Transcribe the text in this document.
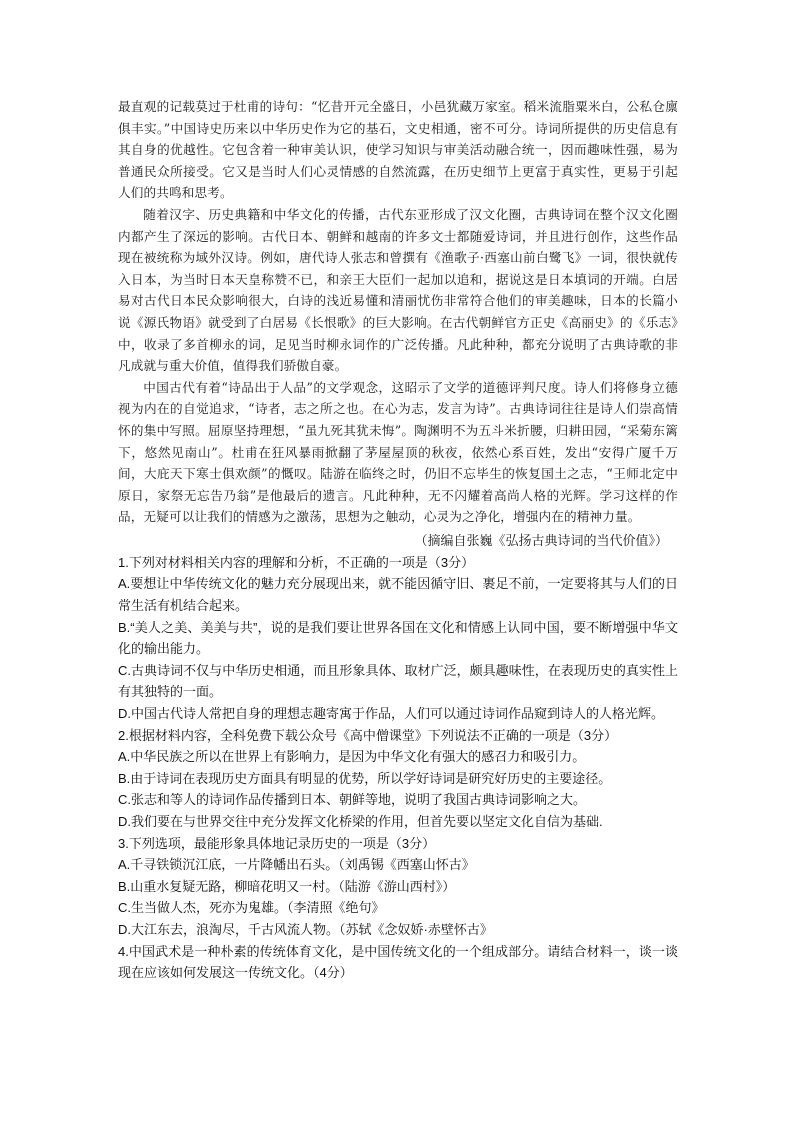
最直观的记载莫过于杜甫的诗句：“忆昔开元全盛日，小邑犹藏万家室。稻米流脂粟米白，公私仓廪俱丰实。”中国诗史历来以中华历史作为它的基石，文史相通，密不可分。诗词所提供的历史信息有其自身的优越性。它包含着一种审美认识，使学习知识与审美活动融合统一，因而趣味性强，易为普通民众所接受。它又是当时人们心灵情感的自然流露，在历史细节上更富于真实性，更易于引起人们的共鸣和思考。

随着汉字、历史典籍和中华文化的传播，古代东亚形成了汉文化圈，古典诗词在整个汉文化圈内都产生了深远的影响。古代日本、朝鲜和越南的许多文士都随爱诗词，并且进行创作，这些作品现在被统称为域外汉诗。例如，唐代诗人张志和曾撰有《渔歌子·西塞山前白鹭飞》一词，很快就传入日本，为当时日本天皇称赞不已，和亲王大臣们一起加以追和，据说这是日本填词的开端。白居易对古代日本民众影响很大，白诗的浅近易懂和清丽忧伤非常符合他们的审美趣味，日本的长篇小说《源氏物语》就受到了白居易《长恨歌》的巨大影响。在古代朝鲜官方正史《高丽史》的《乐志》中，收录了多首柳永的词，足见当时柳永词作的广泛传播。凡此种种，都充分说明了古典诗歌的非凡成就与重大价值，值得我们骄傲自豪。

中国古代有着“诗品出于人品”的文学观念，这昭示了文学的道德评判尺度。诗人们将修身立德视为内在的自觉追求，“诗者，志之所之也。在心为志，发言为诗”。古典诗词往往是诗人们崇高情怀的集中写照。屈原坚持理想，“虽九死其犹未悔”。陶渊明不为五斗米折腰，归耕田园，“采菊东篱下，悠然见南山”。杜甫在狂风暴雨掀翻了茅屋屋顶的秋夜，依然心系百姓，发出“安得广厦千万间，大庇天下寒士俱欢颜”的慨叹。陆游在临终之时，仍旧不忘毕生的恢复国土之志，“王师北定中原日，家祭无忘告乃翁”是他最后的遗言。凡此种种，无不闪耀着高尚人格的光辉。学习这样的作品，无疑可以让我们的情感为之激荡，思想为之触动，心灵为之净化，增强内在的精神力量。

（摘编自张巍《弘扬古典诗词的当代价值》）

1.下列对材料相关内容的理解和分析，不正确的一项是（3分）

A.要想让中华传统文化的魅力充分展现出来，就不能因循守旧、裹足不前，一定要将其与人们的日常生活有机结合起来。

B.“美人之美、美美与共”，说的是我们要让世界各国在文化和情感上认同中国，要不断增强中华文化的输出能力。

C.古典诗词不仅与中华历史相通，而且形象具体、取材广泛，颇具趣味性，在表现历史的真实性上有其独特的一面。

D.中国古代诗人常把自身的理想志趣寄寓于作品，人们可以通过诗词作品窥到诗人的人格光辉。

2.根据材料内容，全科免费下载公众号《高中僧课堂》下列说法不正确的一项是（3分）

A.中华民族之所以在世界上有影响力，是因为中华文化有强大的感召力和吸引力。

B.由于诗词在表现历史方面具有明显的优势，所以学好诗词是研究好历史的主要途径。

C.张志和等人的诗词作品传播到日本、朝鲜等地，说明了我国古典诗词影响之大。

D.我们要在与世界交往中充分发挥文化桥梁的作用，但首先要以坚定文化自信为基础.

3.下列选项，最能形象具体地记录历史的一项是（3分）

A.千寻铁锁沉江底，一片降幡出石头。（刘禹锡《西塞山怀古》

B.山重水复疑无路，柳暗花明又一村。（陆游《游山西村》）

C.生当做人杰，死亦为鬼雄。（李清照《绝句》

D.大江东去，浪淘尽，千古风流人物。（苏轼《念奴娇·赤壁怀古》

4.中国武术是一种朴素的传统体育文化，是中国传统文化的一个组成部分。请结合材料一，谈一谈现在应该如何发展这一传统文化。（4分）
